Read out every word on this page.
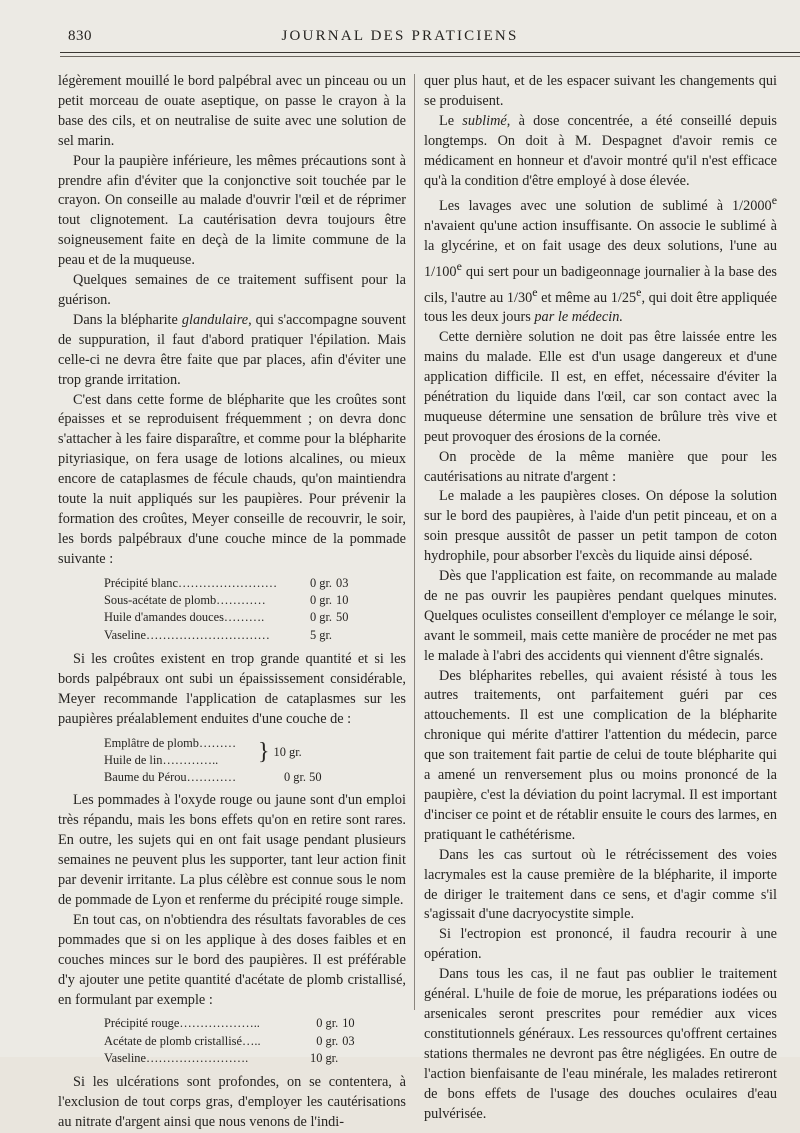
830	JOURNAL DES PRATICIENS

légèrement mouillé le bord palpébral avec un pinceau ou un petit morceau de ouate aseptique, on passe le crayon à la base des cils, et on neutralise de suite avec une solution de sel marin.

Pour la paupière inférieure, les mêmes précautions sont à prendre afin d'éviter que la conjonctive soit touchée par le crayon. On conseille au malade d'ouvrir l'œil et de réprimer tout clignotement. La cautérisation devra toujours être soigneusement faite en deçà de la limite commune de la peau et de la muqueuse.

Quelques semaines de ce traitement suffisent pour la guérison.

Dans la blépharite glandulaire, qui s'accompagne souvent de suppuration, il faut d'abord pratiquer l'épilation. Mais celle-ci ne devra être faite que par places, afin d'éviter une trop grande irritation.

C'est dans cette forme de blépharite que les croûtes sont épaisses et se reproduisent fréquemment ; on devra donc s'attacher à les faire disparaître, et comme pour la blépharite pityriasique, on fera usage de lotions alcalines, ou mieux encore de cataplasmes de fécule chauds, qu'on maintiendra toute la nuit appliqués sur les paupières. Pour prévenir la formation des croûtes, Meyer conseille de recouvrir, le soir, les bords palpébraux d'une couche mince de la pommade suivante :

Précipité blanc……………………	0 gr.	03
Sous-acétate de plomb…………	0 gr.	10
Huile d'amandes douces……….	0 gr.	50
Vaseline…………………………	5 gr.	

Si les croûtes existent en trop grande quantité et si les bords palpébraux ont subi un épaississement considérable, Meyer recommande l'application de cataplasmes sur les paupières préalablement enduites d'une couche de :

Emplâtre de plomb………
Huile de lin…………..	} 10 gr.
Baume du Pérou…………	0 gr. 50

Les pommades à l'oxyde rouge ou jaune sont d'un emploi très répandu, mais les bons effets qu'on en retire sont rares. En outre, les sujets qui en ont fait usage pendant plusieurs semaines ne peuvent plus les supporter, tant leur action finit par devenir irritante. La plus célèbre est connue sous le nom de pommade de Lyon et renferme du précipité rouge simple.

En tout cas, on n'obtiendra des résultats favorables de ces pommades que si on les applique à des doses faibles et en couches minces sur le bord des paupières. Il est préférable d'y ajouter une petite quantité d'acétate de plomb cristallisé, en formulant par exemple :

Précipité rouge………………..	0 gr.	10
Acétate de plomb cristallisé…..	0 gr.	03
Vaseline…………………….	10 gr.	

Si les ulcérations sont profondes, on se contentera, à l'exclusion de tout corps gras, d'employer les cautérisations au nitrate d'argent ainsi que nous venons de l'indi-

quer plus haut, et de les espacer suivant les changements qui se produisent.

Le sublimé, à dose concentrée, a été conseillé depuis longtemps. On doit à M. Despagnet d'avoir remis ce médicament en honneur et d'avoir montré qu'il n'est efficace qu'à la condition d'être employé à dose élevée.

Les lavages avec une solution de sublimé à 1/2000e n'avaient qu'une action insuffisante. On associe le sublimé à la glycérine, et on fait usage des deux solutions, l'une au 1/100e qui sert pour un badigeonnage journalier à la base des cils, l'autre au 1/30e et même au 1/25e, qui doit être appliquée tous les deux jours par le médecin.

Cette dernière solution ne doit pas être laissée entre les mains du malade. Elle est d'un usage dangereux et d'une application difficile. Il est, en effet, nécessaire d'éviter la pénétration du liquide dans l'œil, car son contact avec la muqueuse détermine une sensation de brûlure très vive et peut provoquer des érosions de la cornée.

On procède de la même manière que pour les cautérisations au nitrate d'argent :

Le malade a les paupières closes. On dépose la solution sur le bord des paupières, à l'aide d'un petit pinceau, et on a soin presque aussitôt de passer un petit tampon de coton hydrophile, pour absorber l'excès du liquide ainsi déposé.

Dès que l'application est faite, on recommande au malade de ne pas ouvrir les paupières pendant quelques minutes. Quelques oculistes conseillent d'employer ce mélange le soir, avant le sommeil, mais cette manière de procéder ne met pas le malade à l'abri des accidents qui viennent d'être signalés.

Des blépharites rebelles, qui avaient résisté à tous les autres traitements, ont parfaitement guéri par ces attouchements. Il est une complication de la blépharite chronique qui mérite d'attirer l'attention du médecin, parce que son traitement fait partie de celui de toute blépharite qui a amené un renversement plus ou moins prononcé de la paupière, c'est la déviation du point lacrymal. Il est important d'inciser ce point et de rétablir ensuite le cours des larmes, en pratiquant le cathétérisme.

Dans les cas surtout où le rétrécissement des voies lacrymales est la cause première de la blépharite, il importe de diriger le traitement dans ce sens, et d'agir comme s'il s'agissait d'une dacryocystite simple.

Si l'ectropion est prononcé, il faudra recourir à une opération.

Dans tous les cas, il ne faut pas oublier le traitement général. L'huile de foie de morue, les préparations iodées ou arsenicales seront prescrites pour remédier aux vices constitutionnels généraux. Les ressources qu'offrent certaines stations thermales ne devront pas être négligées. En outre de l'action bienfaisante de l'eau minérale, les malades retireront de bons effets de l'usage des douches oculaires d'eau pulvérisée.
